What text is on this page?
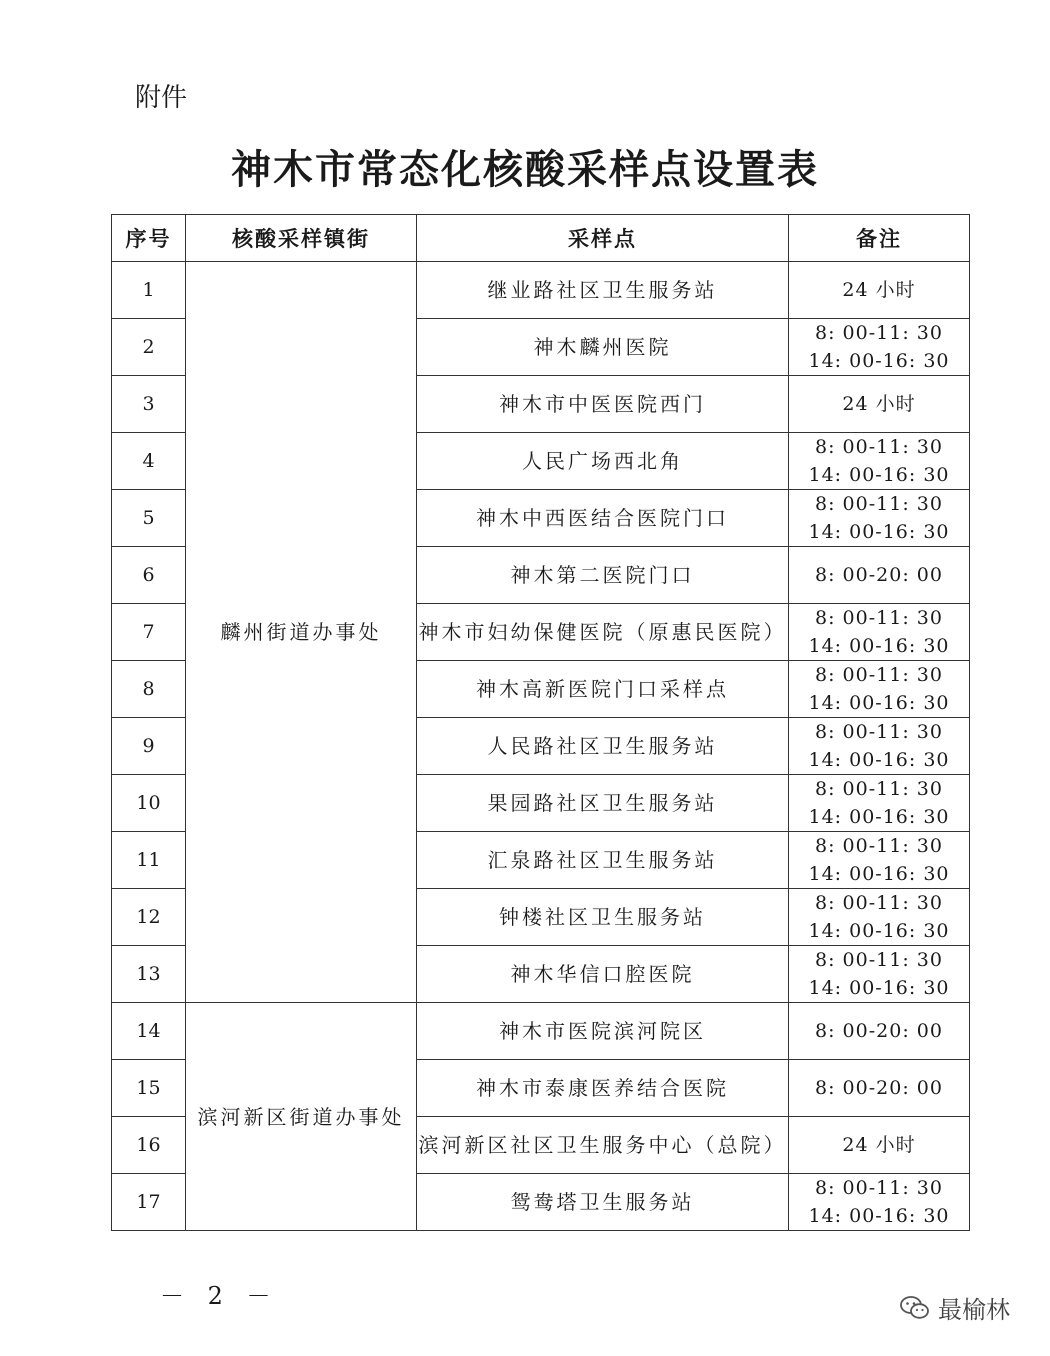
附件
神木市常态化核酸采样点设置表
序号	核酸采样镇街	采样点	备注
1	麟州街道办事处	继业路社区卫生服务站	24 小时

2		神木麟州医院	8: 00-11: 30
14: 00-16: 30

3		神木市中医医院西门	24 小时

4		人民广场西北角	8: 00-11: 30
14: 00-16: 30

5		神木中西医结合医院门口	8: 00-11: 30
14: 00-16: 30

6		神木第二医院门口	8: 00-20: 00

7		神木市妇幼保健医院（原惠民医院）	8: 00-11: 30
14: 00-16: 30

8		神木高新医院门口采样点	8: 00-11: 30
14: 00-16: 30

9		人民路社区卫生服务站	8: 00-11: 30
14: 00-16: 30

10		果园路社区卫生服务站	8: 00-11: 30
14: 00-16: 30

11		汇泉路社区卫生服务站	8: 00-11: 30
14: 00-16: 30

12		钟楼社区卫生服务站	8: 00-11: 30
14: 00-16: 30

13		神木华信口腔医院	8: 00-11: 30
14: 00-16: 30

14	滨河新区街道办事处	神木市医院滨河院区	8: 00-20: 00

15		神木市泰康医养结合医院	8: 00-20: 00

16		滨河新区社区卫生服务中心（总院）	24 小时

17		鸳鸯塔卫生服务站	8: 00-11: 30
14: 00-16: 30
－ 2 －	最榆林
